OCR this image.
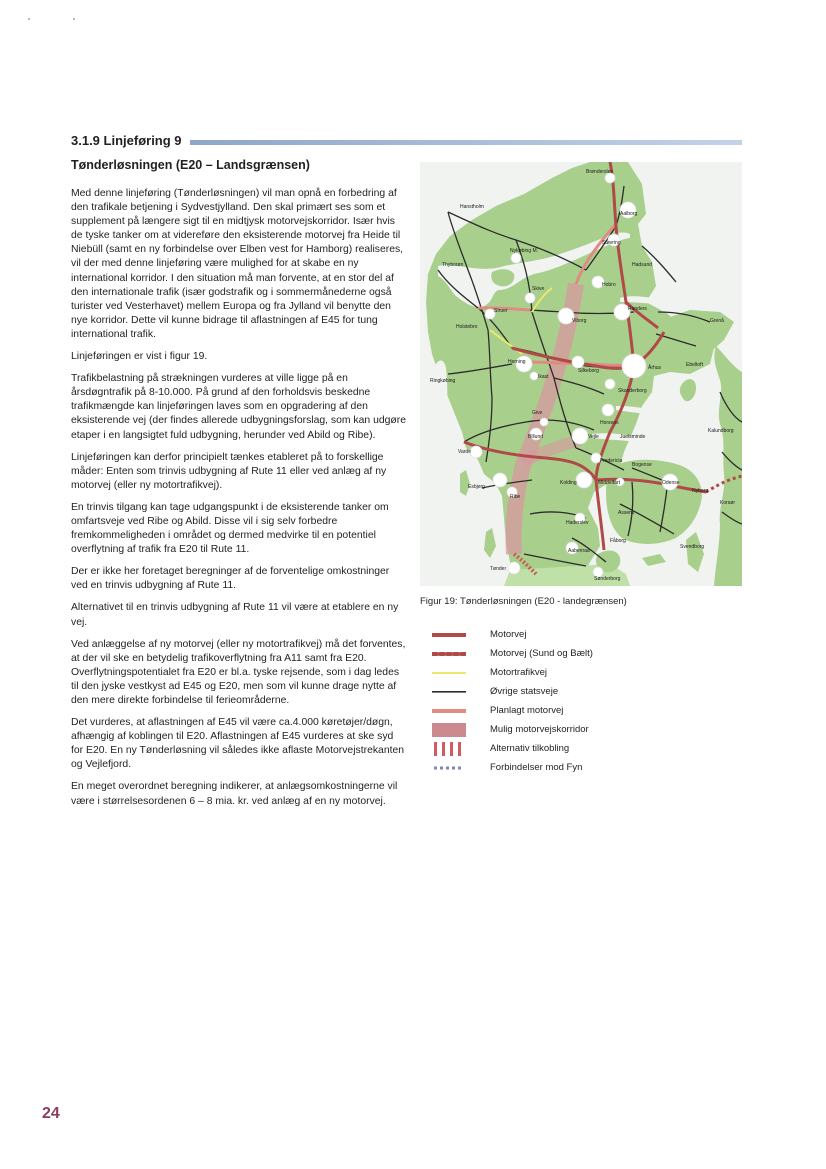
3.1.9 Linjeføring 9
Tønderløsningen (E20 – Landsgrænsen)

Med denne linjeføring (Tønderløsningen) vil man opnå en forbedring af den trafikale betjening i Sydvestjylland. Den skal primært ses som et supplement på længere sigt til en midtjysk motorvejskorridor. Især hvis de tyske tanker om at videreføre den eksisterende motorvej fra Heide til Niebüll (samt en ny forbindelse over Elben vest for Hamborg) realiseres, vil der med denne linjeføring være mulighed for at skabe en ny international korridor. I den situation må man forvente, at en stor del af den internationale trafik (især godstrafik og i sommermånederne også turister ved Vesterhavet) mellem Europa og fra Jylland vil benytte den nye korridor. Dette vil kunne bidrage til aflastningen af E45 for tung international trafik.

Linjeføringen er vist i figur 19.

Trafikbelastning på strækningen vurderes at ville ligge på en årsdøgntrafik på 8-10.000. På grund af den forholdsvis beskedne trafikmængde kan linjeføringen laves som en opgradering af den eksisterende vej (der findes allerede udbygningsforslag, som kan udgøre etaper i en langsigtet fuld udbygning, herunder ved Abild og Ribe).

Linjeføringen kan derfor principielt tænkes etableret på to forskellige måder: Enten som trinvis udbygning af Rute 11 eller ved anlæg af ny motorvej (eller ny motortrafikvej).

En trinvis tilgang kan tage udgangspunkt i de eksisterende tanker om omfartsveje ved Ribe og Abild. Disse vil i sig selv forbedre fremkommeligheden i området og dermed medvirke til en potentiel overflytning af trafik fra E20 til Rute 11.

Der er ikke her foretaget beregninger af de forventelige omkostninger ved en trinvis udbygning af Rute 11.

Alternativet til en trinvis udbygning af Rute 11 vil være at etablere en ny vej.

Ved anlæggelse af ny motorvej (eller ny motortrafikvej) må det forventes, at der vil ske en betydelig trafikoverflytning fra A11 samt fra E20. Overflytningspotentialet fra E20 er bl.a. tyske rejsende, som i dag ledes til den jyske vestkyst ad E45 og E20, men som vil kunne drage nytte af den mere direkte forbindelse til ferieområderne.

Det vurderes, at aflastningen af E45 vil være ca.4.000 køretøjer/døgn, afhængig af koblingen til E20. Aflastningen af E45 vurderes at ske syd for E20. En ny Tønderløsning vil således ikke aflaste Motorvejstrekanten og Vejlefjord.

En meget overordnet beregning indikerer, at anlægsomkostningerne vil være i størrelsesordenen 6 – 8 mia. kr. ved anlæg af en ny motorvej.

Brønderslev
Hanstholm
Aalborg
Støvring
Nykøbing M.
Hadsund
Thyborøn
Hobro
Skive
Struer	Randers
Holstebro
Viborg	Grenå
Herning
Silkeborg	Århus	Ebeltoft
Ringkøbing
Ikast
Skanderborg
Give
Horsens
Kalundborg
Billund	Vejle	Juelsminde
Varde
Fredericia
Bogense
Esbjerg
Kolding	Middelfart	Odense
Nyborg
Korsør
Ribe
Assens
Haderslev
Fåborg
Svendborg
Aabenraa
Tønder
Sønderborg

Figur 19: Tønderløsningen (E20 - landegrænsen)

Motorvej
Motorvej (Sund og Bælt)
Motortrafikvej
Øvrige statsveje
Planlagt motorvej
Mulig motorvejskorridor
Alternativ tilkobling
Forbindelser mod Fyn
24
